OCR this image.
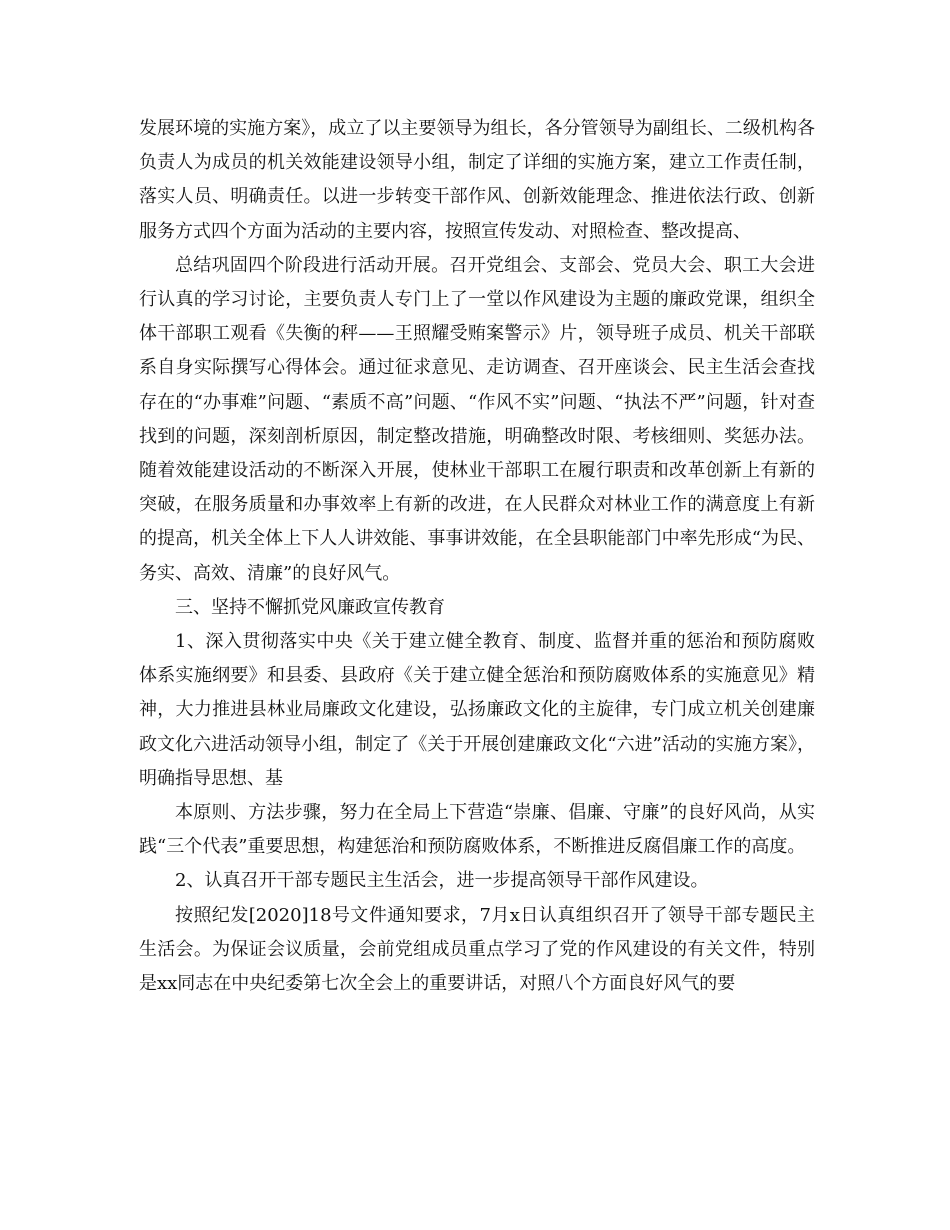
发展环境的实施方案》，成立了以主要领导为组长，各分管领导为副组长、二级机构各负责人为成员的机关效能建设领导小组，制定了详细的实施方案，建立工作责任制，落实人员、明确责任。以进一步转变干部作风、创新效能理念、推进依法行政、创新服务方式四个方面为活动的主要内容，按照宣传发动、对照检查、整改提高、

总结巩固四个阶段进行活动开展。召开党组会、支部会、党员大会、职工大会进行认真的学习讨论，主要负责人专门上了一堂以作风建设为主题的廉政党课，组织全体干部职工观看《失衡的秤——王照耀受贿案警示》片，领导班子成员、机关干部联系自身实际撰写心得体会。通过征求意见、走访调查、召开座谈会、民主生活会查找存在的“办事难”问题、“素质不高”问题、“作风不实”问题、“执法不严”问题，针对查找到的问题，深刻剖析原因，制定整改措施，明确整改时限、考核细则、奖惩办法。随着效能建设活动的不断深入开展，使林业干部职工在履行职责和改革创新上有新的突破，在服务质量和办事效率上有新的改进，在人民群众对林业工作的满意度上有新的提高，机关全体上下人人讲效能、事事讲效能，在全县职能部门中率先形成“为民、务实、高效、清廉”的良好风气。

三、坚持不懈抓党风廉政宣传教育

1、深入贯彻落实中央《关于建立健全教育、制度、监督并重的惩治和预防腐败体系实施纲要》和县委、县政府《关于建立健全惩治和预防腐败体系的实施意见》精神，大力推进县林业局廉政文化建设，弘扬廉政文化的主旋律，专门成立机关创建廉政文化六进活动领导小组，制定了《关于开展创建廉政文化“六进”活动的实施方案》，明确指导思想、基

本原则、方法步骤，努力在全局上下营造“崇廉、倡廉、守廉”的良好风尚，从实践“三个代表”重要思想，构建惩治和预防腐败体系，不断推进反腐倡廉工作的高度。

2、认真召开干部专题民主生活会，进一步提高领导干部作风建设。

按照纪发[2020]18号文件通知要求，7月x日认真组织召开了领导干部专题民主生活会。为保证会议质量，会前党组成员重点学习了党的作风建设的有关文件，特别是xx同志在中央纪委第七次全会上的重要讲话，对照八个方面良好风气的要
